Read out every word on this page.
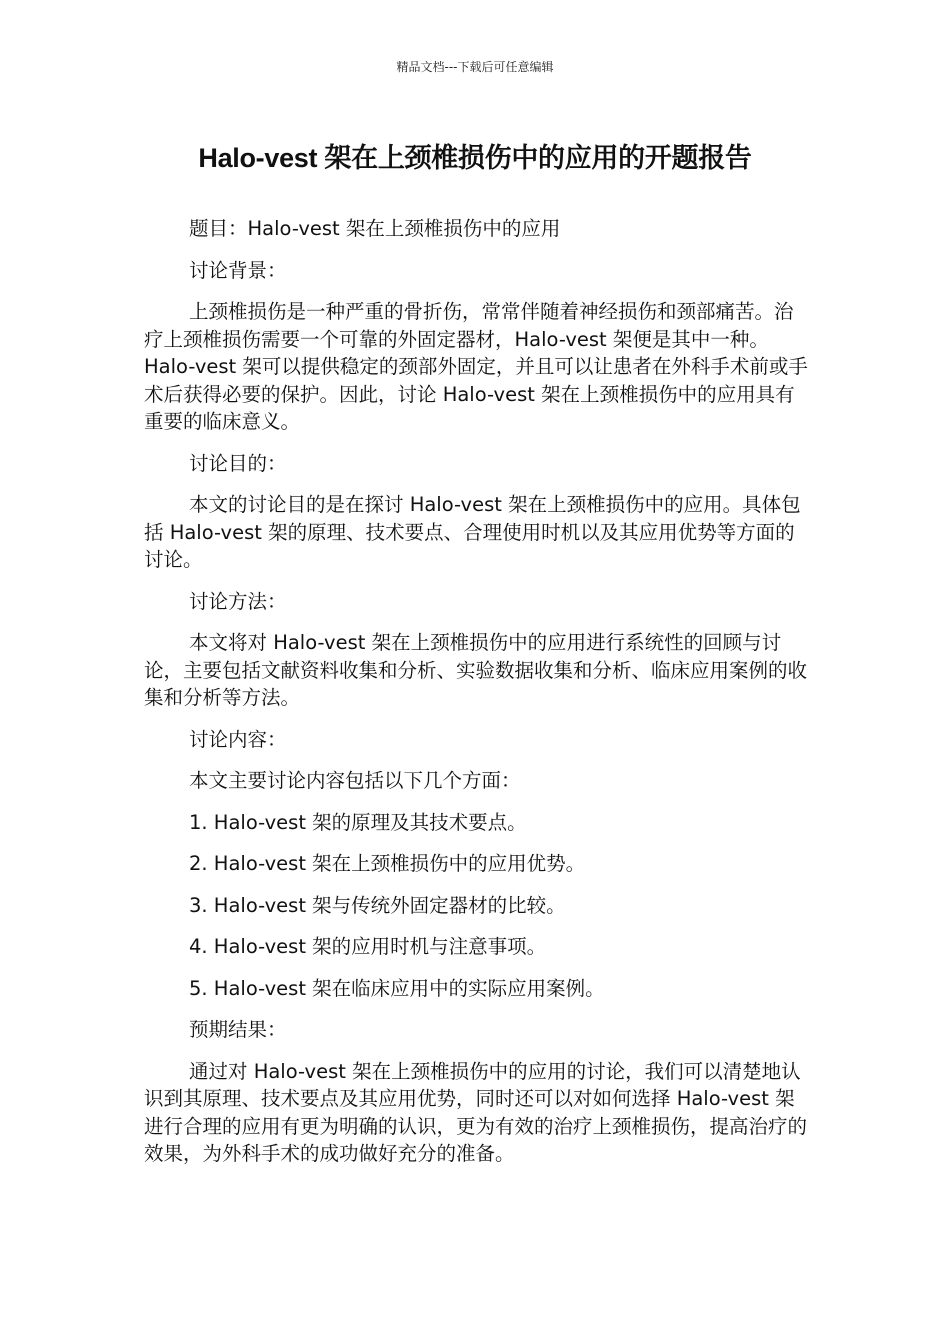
精品文档---下载后可任意编辑
Halo-vest 架在上颈椎损伤中的应用的开题报告

题目：Halo-vest 架在上颈椎损伤中的应用

讨论背景：

上颈椎损伤是一种严重的骨折伤，常常伴随着神经损伤和颈部痛苦。治疗上颈椎损伤需要一个可靠的外固定器材，Halo-vest 架便是其中一种。Halo-vest 架可以提供稳定的颈部外固定，并且可以让患者在外科手术前或手术后获得必要的保护。因此，讨论 Halo-vest 架在上颈椎损伤中的应用具有重要的临床意义。

讨论目的：

本文的讨论目的是在探讨 Halo-vest 架在上颈椎损伤中的应用。具体包括 Halo-vest 架的原理、技术要点、合理使用时机以及其应用优势等方面的讨论。

讨论方法：

本文将对 Halo-vest 架在上颈椎损伤中的应用进行系统性的回顾与讨论，主要包括文献资料收集和分析、实验数据收集和分析、临床应用案例的收集和分析等方法。

讨论内容：

本文主要讨论内容包括以下几个方面：

1. Halo-vest 架的原理及其技术要点。

2. Halo-vest 架在上颈椎损伤中的应用优势。

3. Halo-vest 架与传统外固定器材的比较。

4. Halo-vest 架的应用时机与注意事项。

5. Halo-vest 架在临床应用中的实际应用案例。

预期结果：

通过对 Halo-vest 架在上颈椎损伤中的应用的讨论，我们可以清楚地认识到其原理、技术要点及其应用优势，同时还可以对如何选择 Halo-vest 架进行合理的应用有更为明确的认识，更为有效的治疗上颈椎损伤，提高治疗的效果，为外科手术的成功做好充分的准备。
